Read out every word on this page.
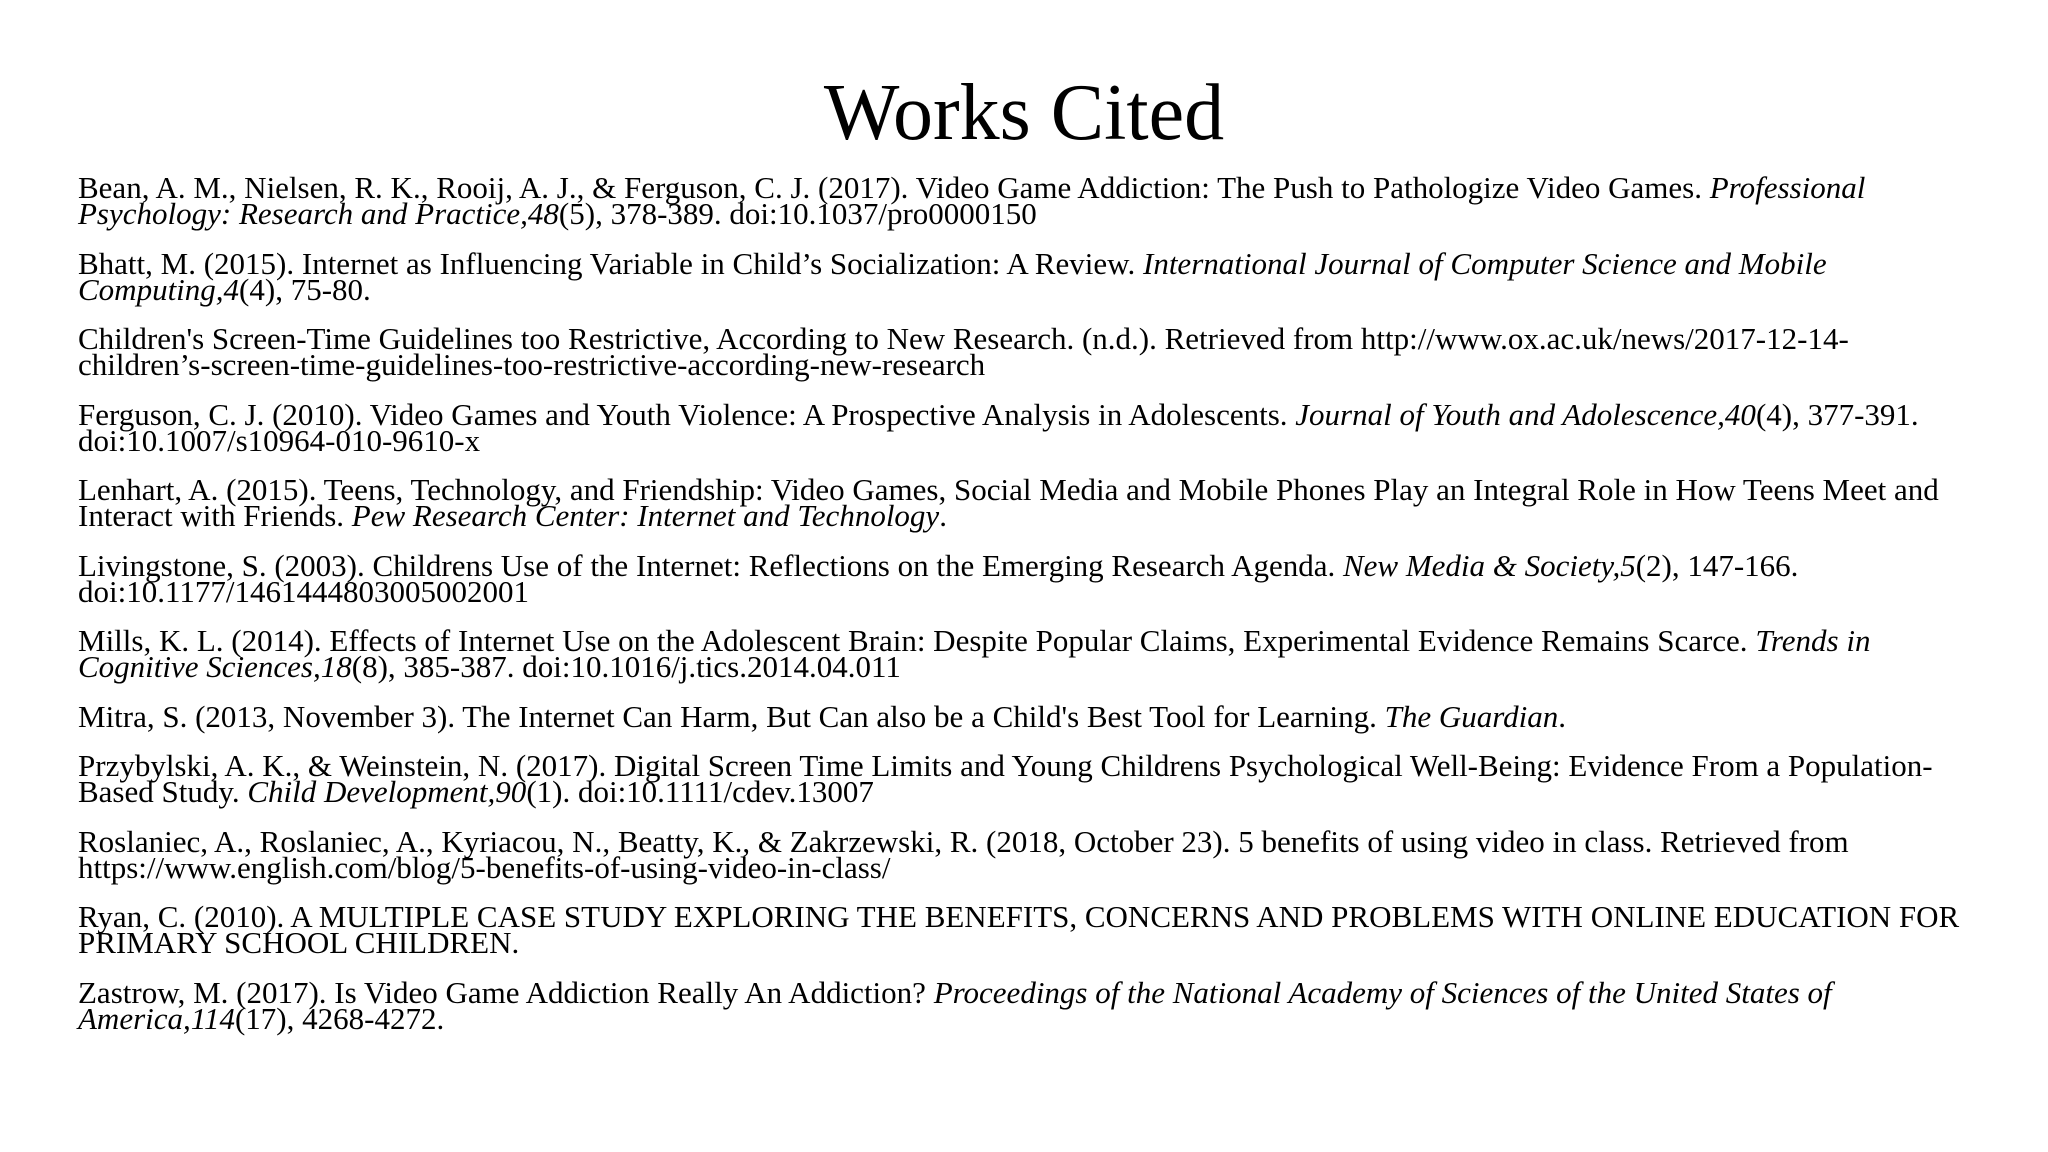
Works Cited

Bean, A. M., Nielsen, R. K., Rooij, A. J., & Ferguson, C. J. (2017). Video Game Addiction: The Push to Pathologize Video Games. Professional Psychology: Research and Practice,48(5), 378-389. doi:10.1037/pro0000150

Bhatt, M. (2015). Internet as Influencing Variable in Child’s Socialization: A Review. International Journal of Computer Science and Mobile Computing,4(4), 75-80.

Children's Screen-Time Guidelines too Restrictive, According to New Research. (n.d.). Retrieved from http://www.ox.ac.uk/news/2017-12-14-children’s-screen-time-guidelines-too-restrictive-according-new-research

Ferguson, C. J. (2010). Video Games and Youth Violence: A Prospective Analysis in Adolescents. Journal of Youth and Adolescence,40(4), 377-391. doi:10.1007/s10964-010-9610-x

Lenhart, A. (2015). Teens, Technology, and Friendship: Video Games, Social Media and Mobile Phones Play an Integral Role in How Teens Meet and Interact with Friends. Pew Research Center: Internet and Technology.

Livingstone, S. (2003). Childrens Use of the Internet: Reflections on the Emerging Research Agenda. New Media & Society,5(2), 147-166. doi:10.1177/1461444803005002001

Mills, K. L. (2014). Effects of Internet Use on the Adolescent Brain: Despite Popular Claims, Experimental Evidence Remains Scarce. Trends in Cognitive Sciences,18(8), 385-387. doi:10.1016/j.tics.2014.04.011

Mitra, S. (2013, November 3). The Internet Can Harm, But Can also be a Child's Best Tool for Learning. The Guardian.

Przybylski, A. K., & Weinstein, N. (2017). Digital Screen Time Limits and Young Childrens Psychological Well-Being: Evidence From a Population-Based Study. Child Development,90(1). doi:10.1111/cdev.13007

Roslaniec, A., Roslaniec, A., Kyriacou, N., Beatty, K., & Zakrzewski, R. (2018, October 23). 5 benefits of using video in class. Retrieved from https://www.english.com/blog/5-benefits-of-using-video-in-class/

Ryan, C. (2010). A MULTIPLE CASE STUDY EXPLORING THE BENEFITS, CONCERNS AND PROBLEMS WITH ONLINE EDUCATION FOR PRIMARY SCHOOL CHILDREN.

Zastrow, M. (2017). Is Video Game Addiction Really An Addiction? Proceedings of the National Academy of Sciences of the United States of America,114(17), 4268-4272.
